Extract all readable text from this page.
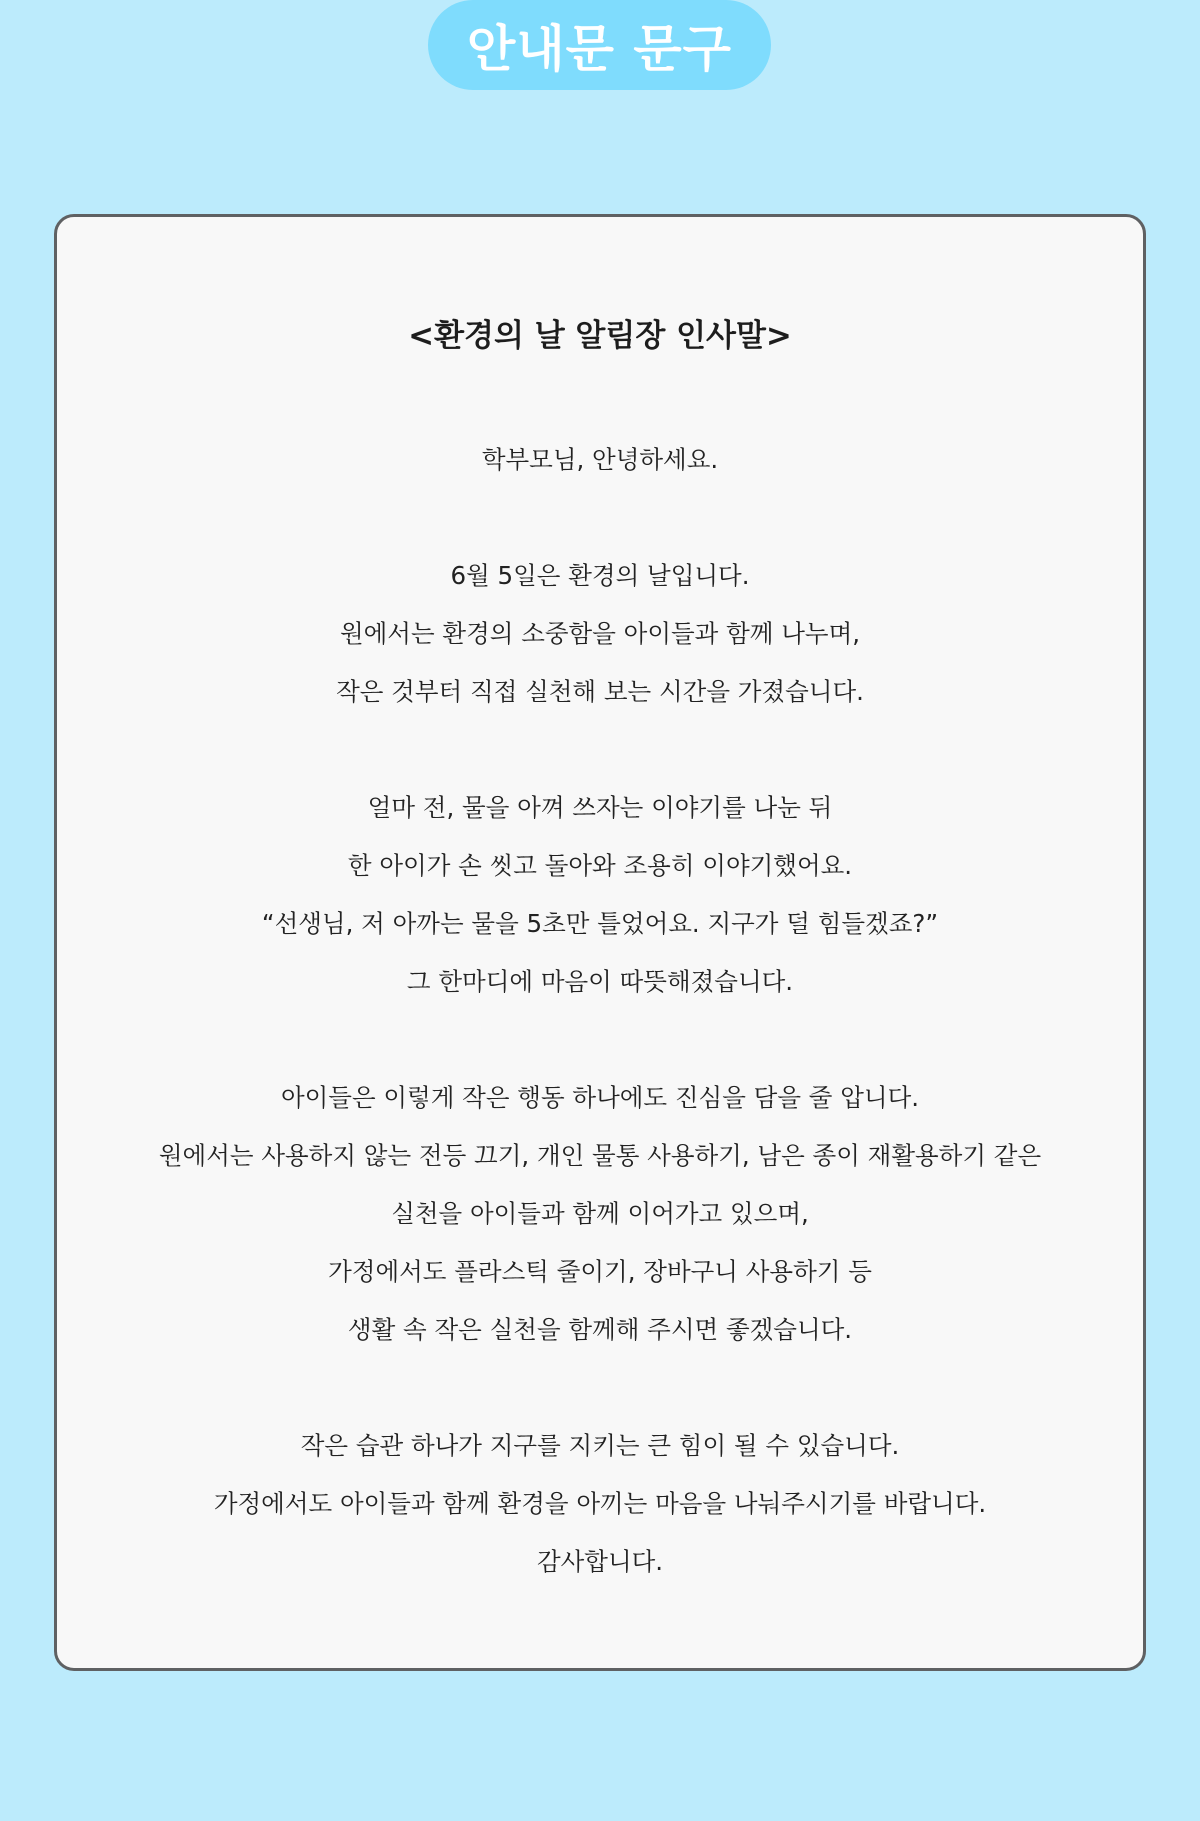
안내문 문구
<환경의 날 알림장 인사말>
학부모님, 안녕하세요.
6월 5일은 환경의 날입니다.
원에서는 환경의 소중함을 아이들과 함께 나누며,
작은 것부터 직접 실천해 보는 시간을 가졌습니다.
얼마 전, 물을 아껴 쓰자는 이야기를 나눈 뒤
한 아이가 손 씻고 돌아와 조용히 이야기했어요.
“선생님, 저 아까는 물을 5초만 틀었어요. 지구가 덜 힘들겠죠?”
그 한마디에 마음이 따뜻해졌습니다.
아이들은 이렇게 작은 행동 하나에도 진심을 담을 줄 압니다.
원에서는 사용하지 않는 전등 끄기, 개인 물통 사용하기, 남은 종이 재활용하기 같은
실천을 아이들과 함께 이어가고 있으며,
가정에서도 플라스틱 줄이기, 장바구니 사용하기 등
생활 속 작은 실천을 함께해 주시면 좋겠습니다.
작은 습관 하나가 지구를 지키는 큰 힘이 될 수 있습니다.
가정에서도 아이들과 함께 환경을 아끼는 마음을 나눠주시기를 바랍니다.
감사합니다.
